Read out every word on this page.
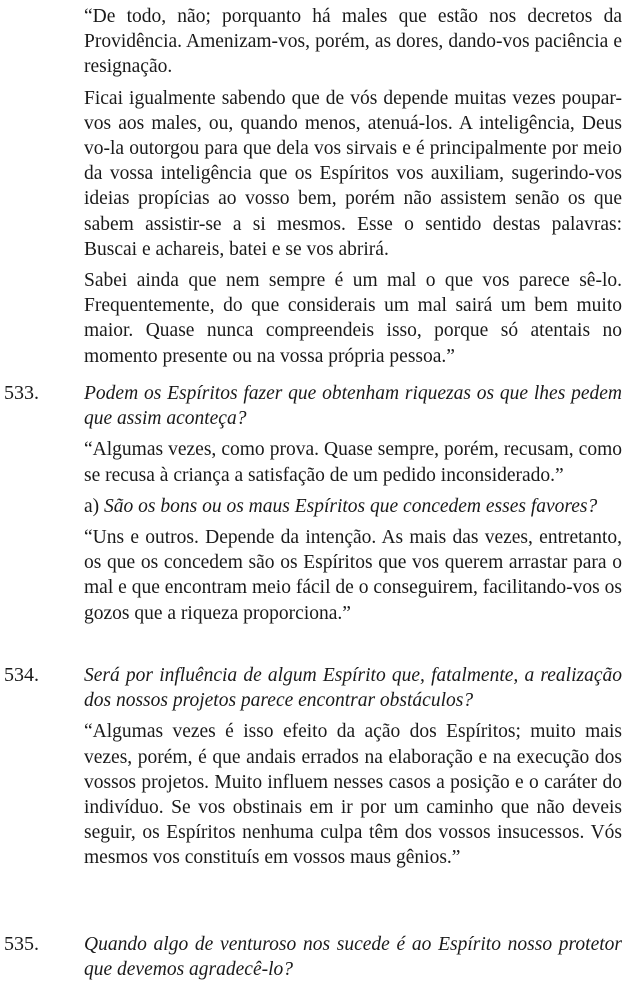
“De todo, não; porquanto há males que estão nos decretos da Providência. Amenizam-vos, porém, as dores, dando-vos paciência e resignação.

Ficai igualmente sabendo que de vós depende muitas vezes poupar-vos aos males, ou, quando menos, atenuá-los. A inteligência, Deus vo-la outorgou para que dela vos sirvais e é principalmente por meio da vossa inteligência que os Espíritos vos auxiliam, sugerindo-vos ideias propícias ao vosso bem, porém não assistem senão os que sabem assistir-se a si mesmos. Esse o sentido destas palavras: Buscai e achareis, batei e se vos abrirá.

Sabei ainda que nem sempre é um mal o que vos parece sê-lo. Frequentemente, do que considerais um mal sairá um bem muito maior. Quase nunca compreendeis isso, porque só atentais no momento presente ou na vossa própria pessoa.”

533. Podem os Espíritos fazer que obtenham riquezas os que lhes pedem que assim aconteça?

“Algumas vezes, como prova. Quase sempre, porém, recusam, como se recusa à criança a satisfação de um pedido inconsiderado.”

a) São os bons ou os maus Espíritos que concedem esses favores?

“Uns e outros. Depende da intenção. As mais das vezes, entretanto, os que os concedem são os Espíritos que vos querem arrastar para o mal e que encontram meio fácil de o conseguirem, facilitando-vos os gozos que a riqueza proporciona.”

534. Será por influência de algum Espírito que, fatalmente, a realização dos nossos projetos parece encontrar obstáculos?

“Algumas vezes é isso efeito da ação dos Espíritos; muito mais vezes, porém, é que andais errados na elaboração e na execução dos vossos projetos. Muito influem nesses casos a posição e o caráter do indivíduo. Se vos obstinais em ir por um caminho que não deveis seguir, os Espíritos nenhuma culpa têm dos vossos insucessos. Vós mesmos vos constituís em vossos maus gênios.”

535. Quando algo de venturoso nos sucede é ao Espírito nosso protetor que devemos agradecê-lo?
